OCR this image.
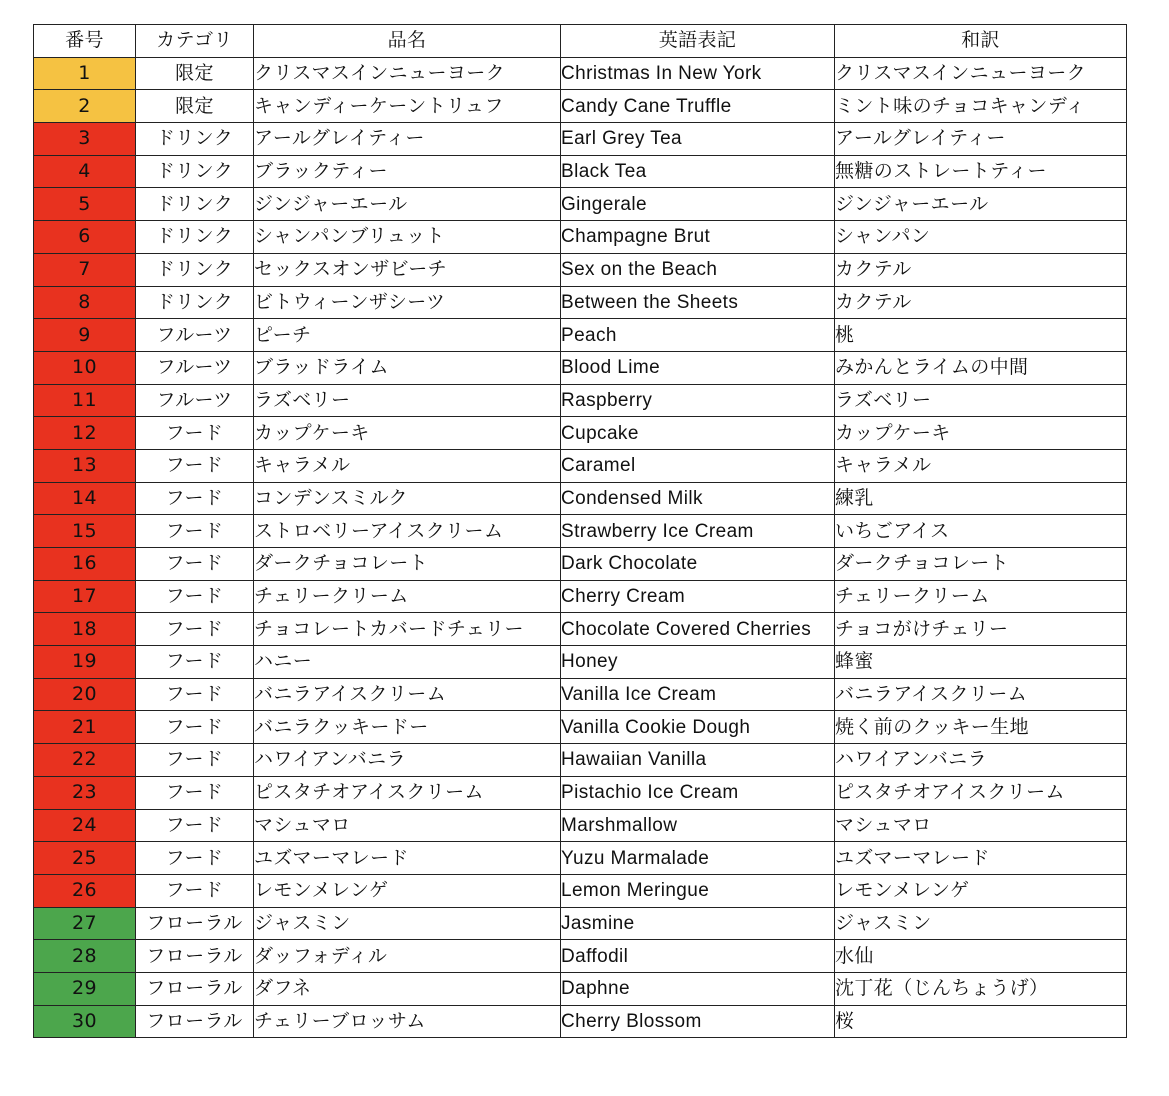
番号	カテゴリ	品名	英語表記	和訳
1	限定	クリスマスインニューヨーク	Christmas In New York	クリスマスインニューヨーク
2	限定	キャンディーケーントリュフ	Candy Cane Truffle	ミント味のチョコキャンディ
3	ドリンク	アールグレイティー	Earl Grey Tea	アールグレイティー
4	ドリンク	ブラックティー	Black Tea	無糖のストレートティー
5	ドリンク	ジンジャーエール	Gingerale	ジンジャーエール
6	ドリンク	シャンパンブリュット	Champagne Brut	シャンパン
7	ドリンク	セックスオンザビーチ	Sex on the Beach	カクテル
8	ドリンク	ビトウィーンザシーツ	Between the Sheets	カクテル
9	フルーツ	ピーチ	Peach	桃
10	フルーツ	ブラッドライム	Blood Lime	みかんとライムの中間
11	フルーツ	ラズベリー	Raspberry	ラズベリー
12	フード	カップケーキ	Cupcake	カップケーキ
13	フード	キャラメル	Caramel	キャラメル
14	フード	コンデンスミルク	Condensed Milk	練乳
15	フード	ストロベリーアイスクリーム	Strawberry Ice Cream	いちごアイス
16	フード	ダークチョコレート	Dark Chocolate	ダークチョコレート
17	フード	チェリークリーム	Cherry Cream	チェリークリーム
18	フード	チョコレートカバードチェリー	Chocolate Covered Cherries	チョコがけチェリー
19	フード	ハニー	Honey	蜂蜜
20	フード	バニラアイスクリーム	Vanilla Ice Cream	バニラアイスクリーム
21	フード	バニラクッキードー	Vanilla Cookie Dough	焼く前のクッキー生地
22	フード	ハワイアンバニラ	Hawaiian Vanilla	ハワイアンバニラ
23	フード	ピスタチオアイスクリーム	Pistachio Ice Cream	ピスタチオアイスクリーム
24	フード	マシュマロ	Marshmallow	マシュマロ
25	フード	ユズマーマレード	Yuzu Marmalade	ユズマーマレード
26	フード	レモンメレンゲ	Lemon Meringue	レモンメレンゲ
27	フローラル	ジャスミン	Jasmine	ジャスミン
28	フローラル	ダッフォディル	Daffodil	水仙
29	フローラル	ダフネ	Daphne	沈丁花（じんちょうげ）
30	フローラル	チェリーブロッサム	Cherry Blossom	桜
